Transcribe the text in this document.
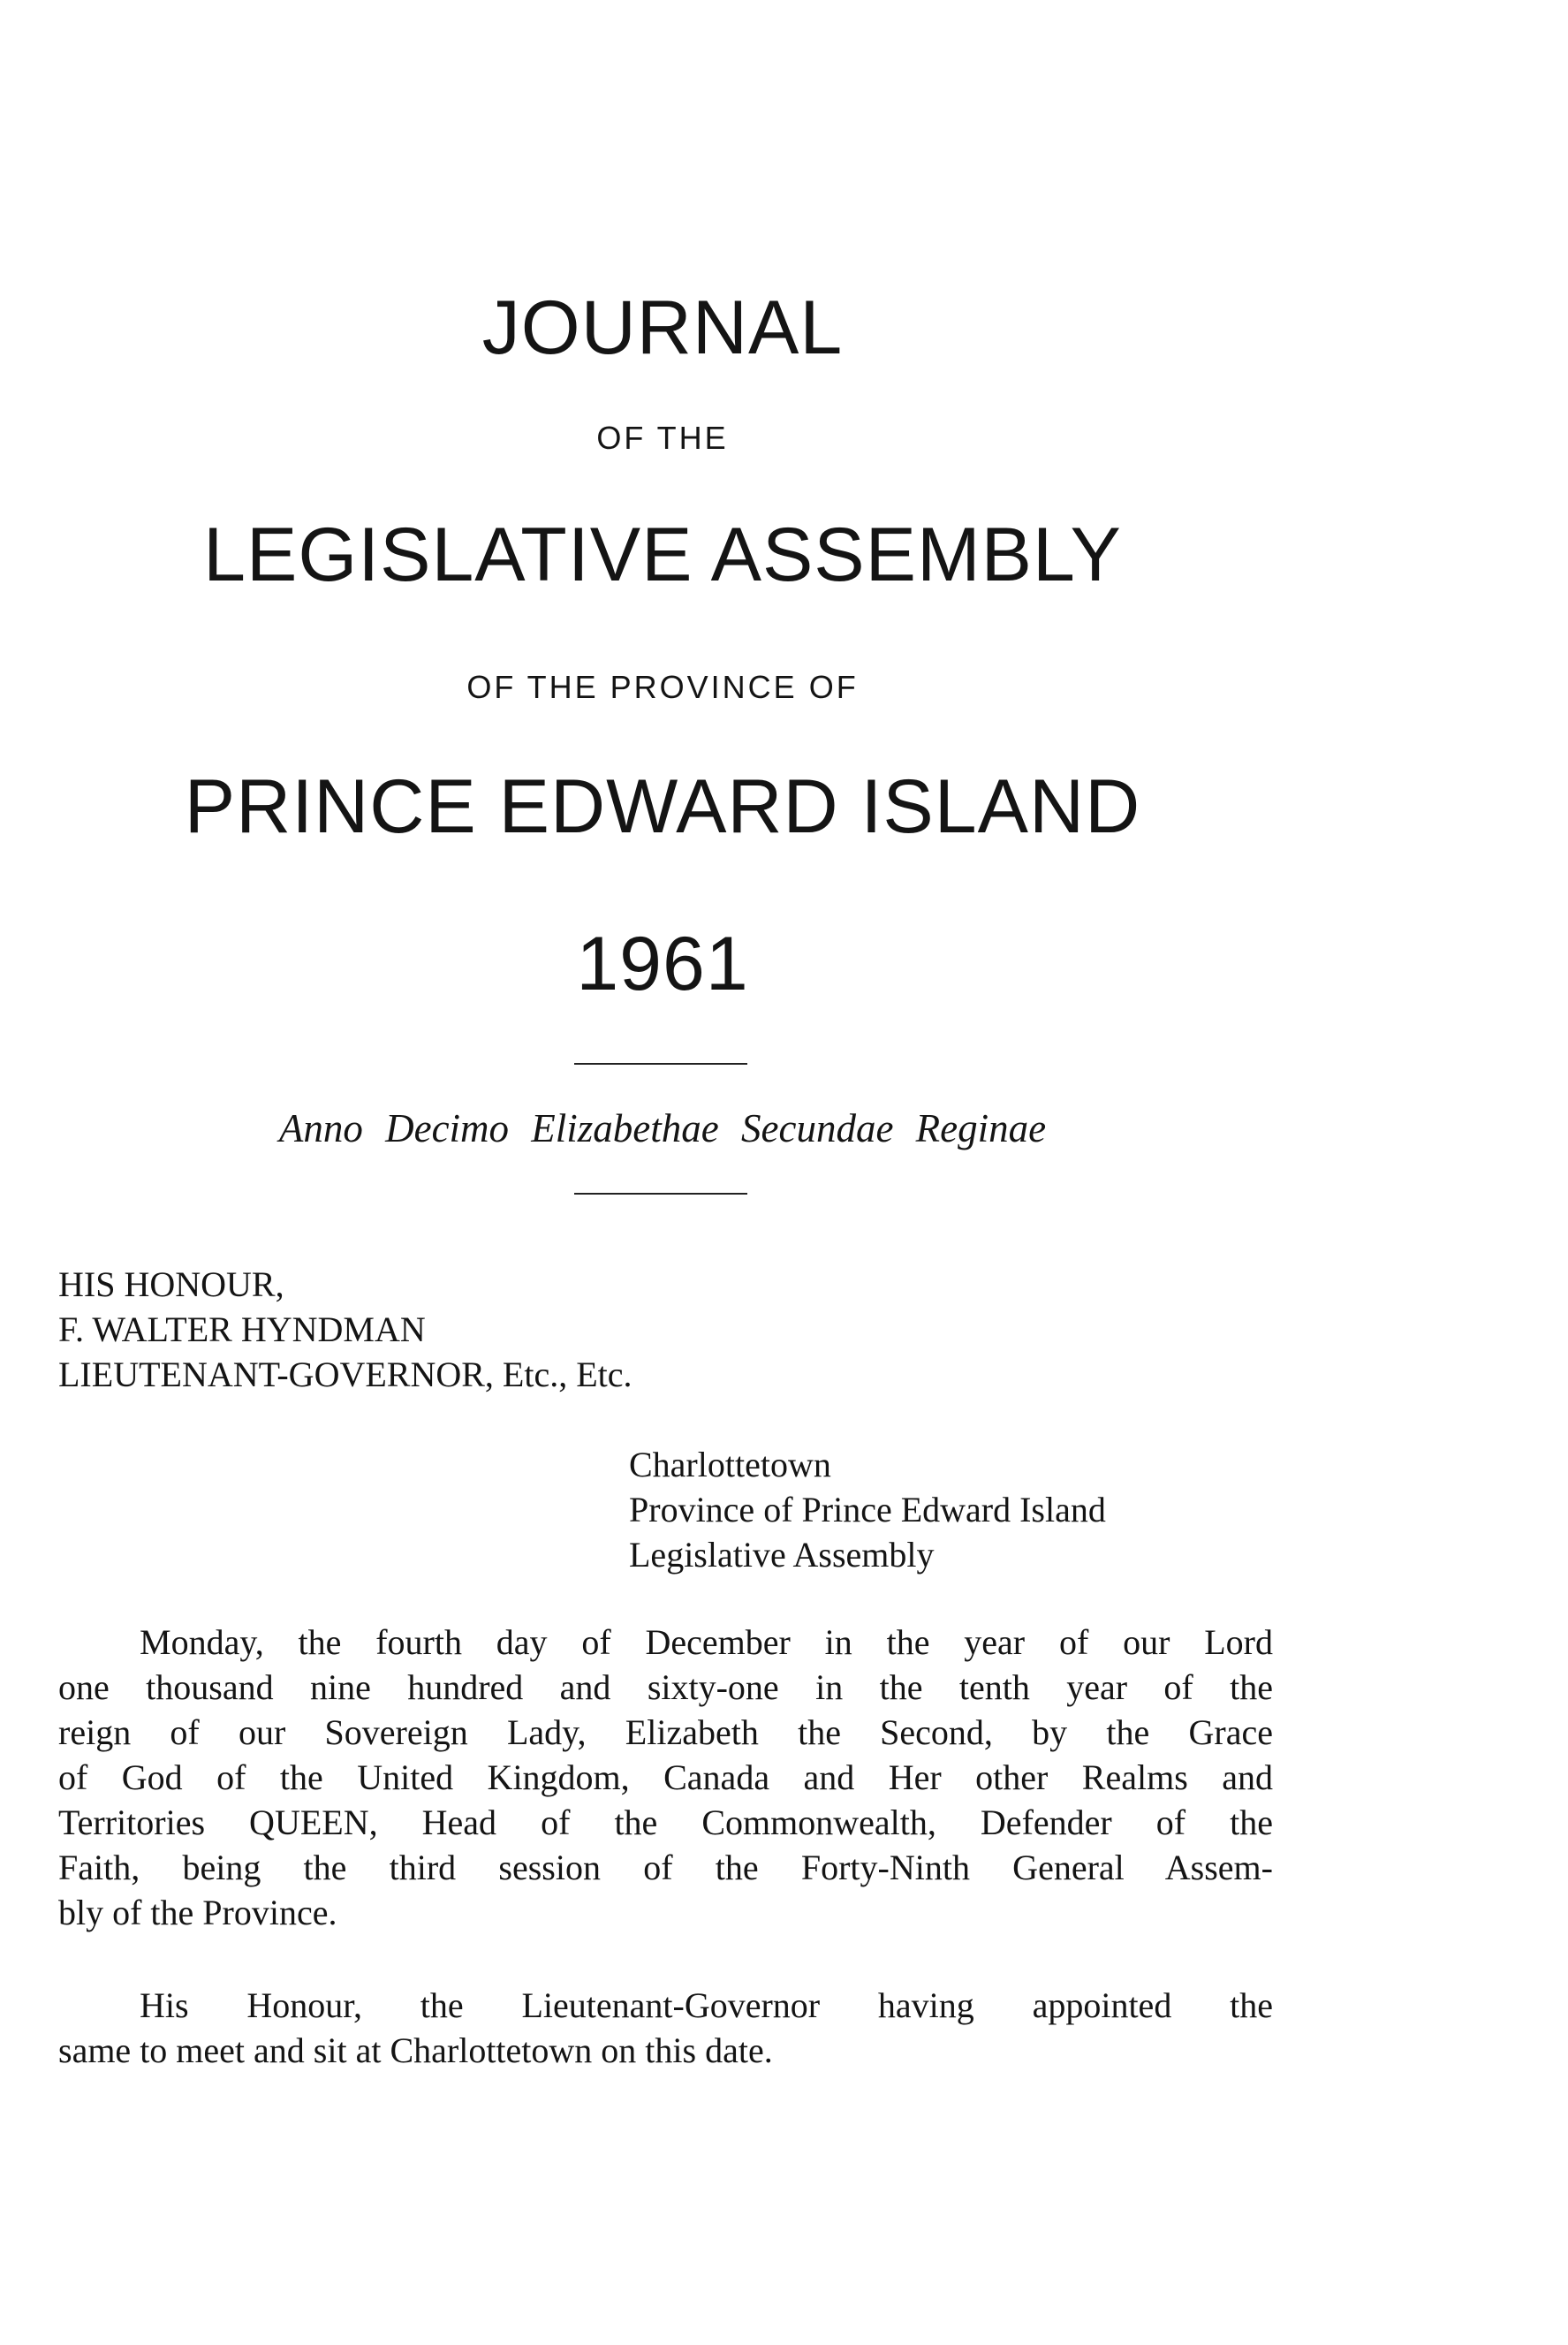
JOURNAL
OF THE
LEGISLATIVE ASSEMBLY
OF THE PROVINCE OF
PRINCE EDWARD ISLAND
1961
Anno Decimo Elizabethae Secundae Reginae
HIS HONOUR,
F. WALTER HYNDMAN
LIEUTENANT-GOVERNOR, Etc., Etc.
Charlottetown
Province of Prince Edward Island
Legislative Assembly
Monday, the fourth day of December in the year of our Lord
one thousand nine hundred and sixty-one in the tenth year of the
reign of our Sovereign Lady, Elizabeth the Second, by the Grace
of God of the United Kingdom, Canada and Her other Realms and
Territories QUEEN, Head of the Commonwealth, Defender of the
Faith, being the third session of the Forty-Ninth General Assem-
bly of the Province.
His Honour, the Lieutenant-Governor having appointed the
same to meet and sit at Charlottetown on this date.
